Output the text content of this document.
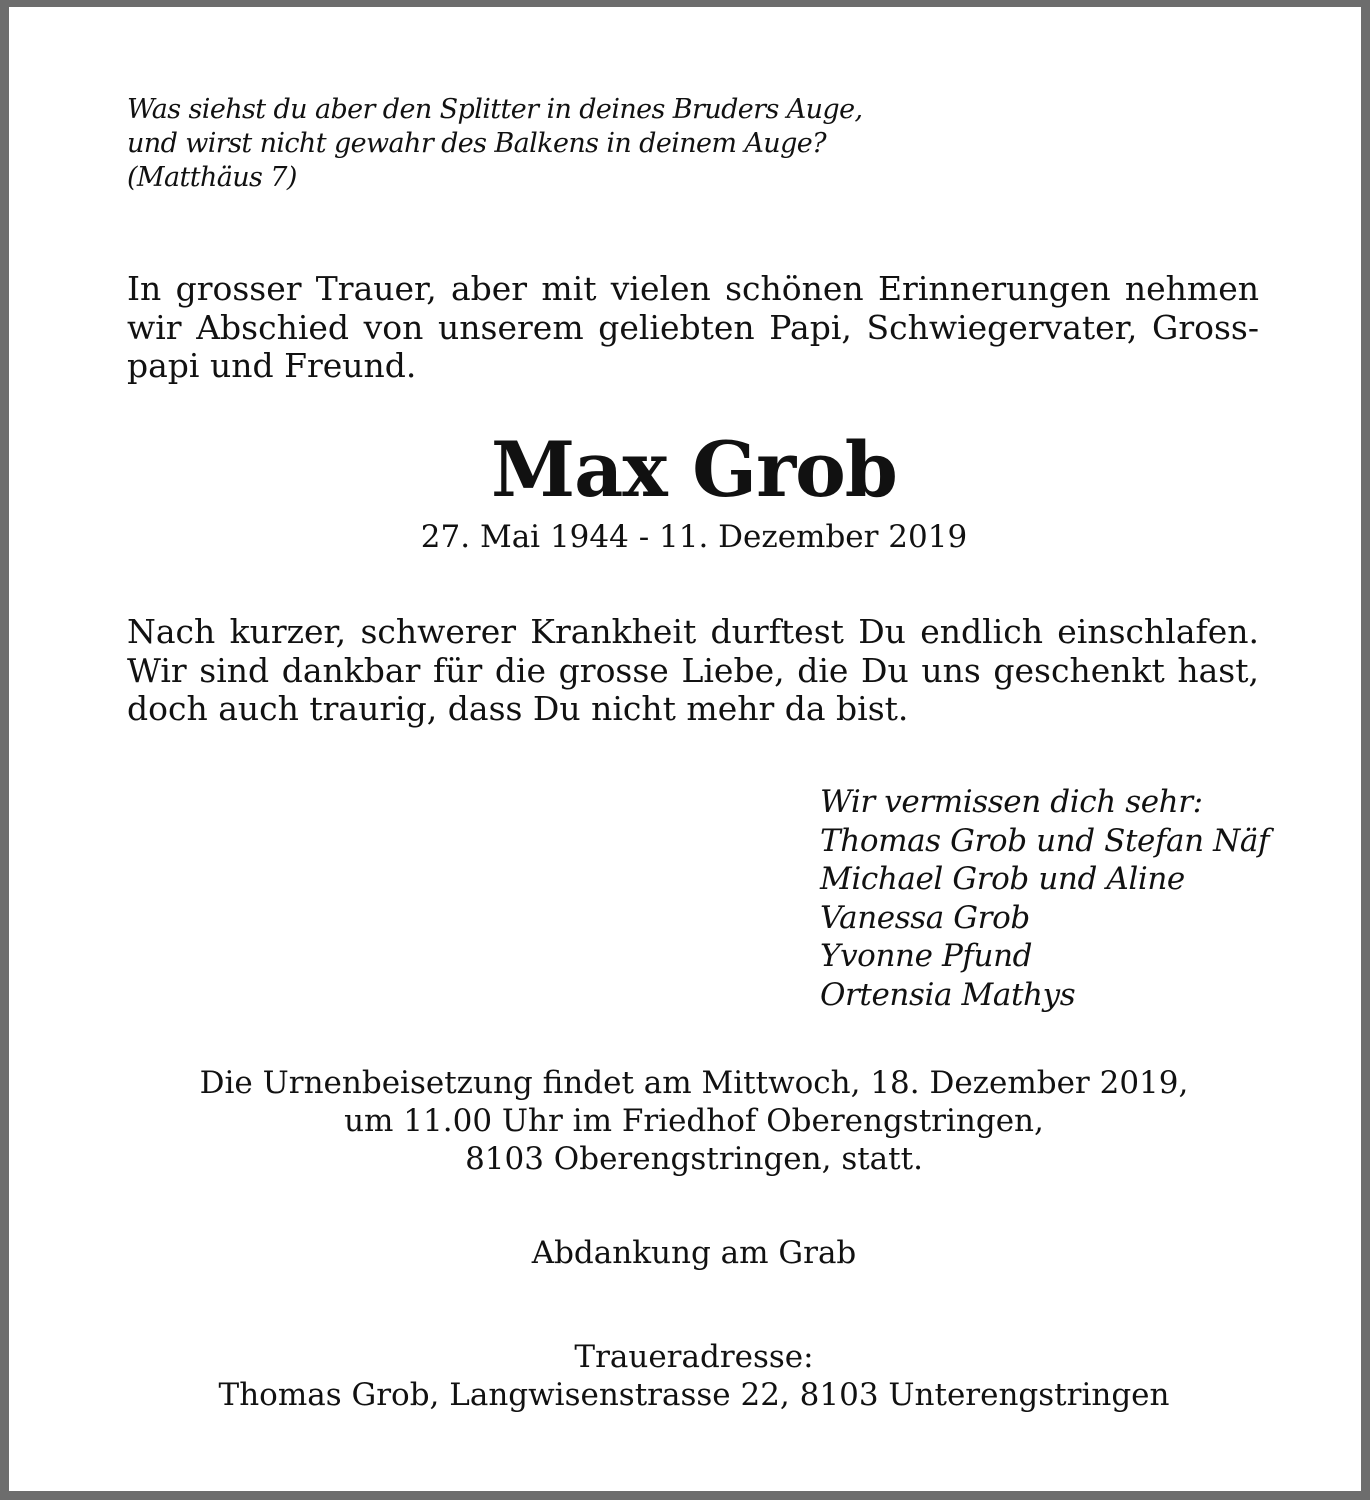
Was siehst du aber den Splitter in deines Bruders Auge,
und wirst nicht gewahr des Balkens in deinem Auge?
(Matthäus 7)
In grosser Trauer, aber mit vielen schönen Erinnerungen nehmen
wir Abschied von unserem geliebten Papi, Schwiegervater, Gross-
papi und Freund.
Max Grob
27. Mai 1944 - 11. Dezember 2019
Nach kurzer, schwerer Krankheit durftest Du endlich einschlafen.
Wir sind dankbar für die grosse Liebe, die Du uns geschenkt hast,
doch auch traurig, dass Du nicht mehr da bist.
Wir vermissen dich sehr:
Thomas Grob und Stefan Näf
Michael Grob und Aline
Vanessa Grob
Yvonne Pfund
Ortensia Mathys
Die Urnenbeisetzung findet am Mittwoch, 18. Dezember 2019,
um 11.00 Uhr im Friedhof Oberengstringen,
8103 Oberengstringen, statt.
Abdankung am Grab
Traueradresse:
Thomas Grob, Langwisenstrasse 22, 8103 Unterengstringen
